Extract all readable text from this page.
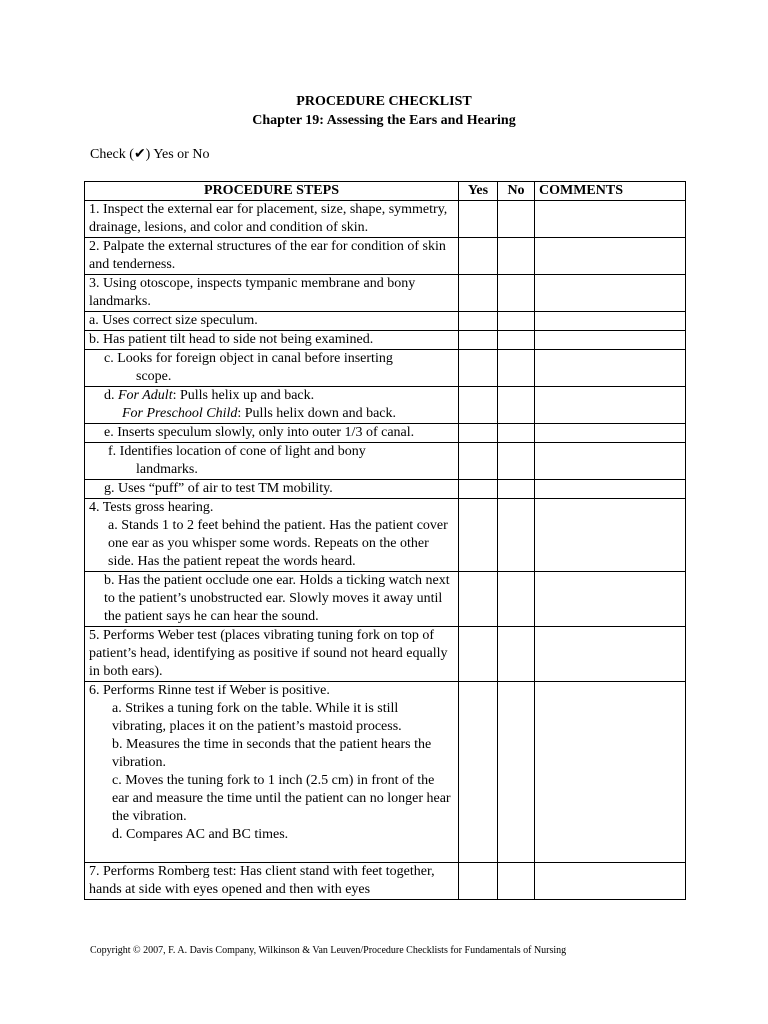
PROCEDURE CHECKLIST
Chapter 19: Assessing the Ears and Hearing
Check (✔) Yes or No
PROCEDURE STEPS	Yes	No	COMMENTS
1. Inspect the external ear for placement, size, shape, symmetry, drainage, lesions, and color and condition of skin.			
2. Palpate the external structures of the ear for condition of skin and tenderness.			
3. Using otoscope, inspects tympanic membrane and bony landmarks.			
a. Uses correct size speculum.			
b. Has patient tilt head to side not being examined.			

c. Looks for foreign object in canal before inserting
scope.			

d. For Adult: Pulls helix up and back.
For Preschool Child: Pulls helix down and back.			

e. Inserts speculum slowly, only into outer 1/3 of canal.			

f. Identifies location of cone of light and bony
landmarks.			

g. Uses “puff” of air to test TM mobility.			

4. Tests gross hearing.
a. Stands 1 to 2 feet behind the patient. Has the patient cover one ear as you whisper some words. Repeats on the other side. Has the patient repeat the words heard.			

b. Has the patient occlude one ear. Holds a ticking watch next to the patient’s unobstructed ear. Slowly moves it away until the patient says he can hear the sound.			
5. Performs Weber test (places vibrating tuning fork on top of patient’s head, identifying as positive if sound not heard equally in both ears).			

6. Performs Rinne test if Weber is positive.
a. Strikes a tuning fork on the table. While it is still vibrating, places it on the patient’s mastoid process.
b. Measures the time in seconds that the patient hears the vibration.
c. Moves the tuning fork to 1 inch (2.5 cm) in front of the ear and measure the time until the patient can no longer hear the vibration.
d. Compares AC and BC times.			

7. Performs Romberg test: Has client stand with feet together, hands at side with eyes opened and then with eyes			
Copyright © 2007, F. A. Davis Company, Wilkinson & Van Leuven/Procedure Checklists for Fundamentals of Nursing
